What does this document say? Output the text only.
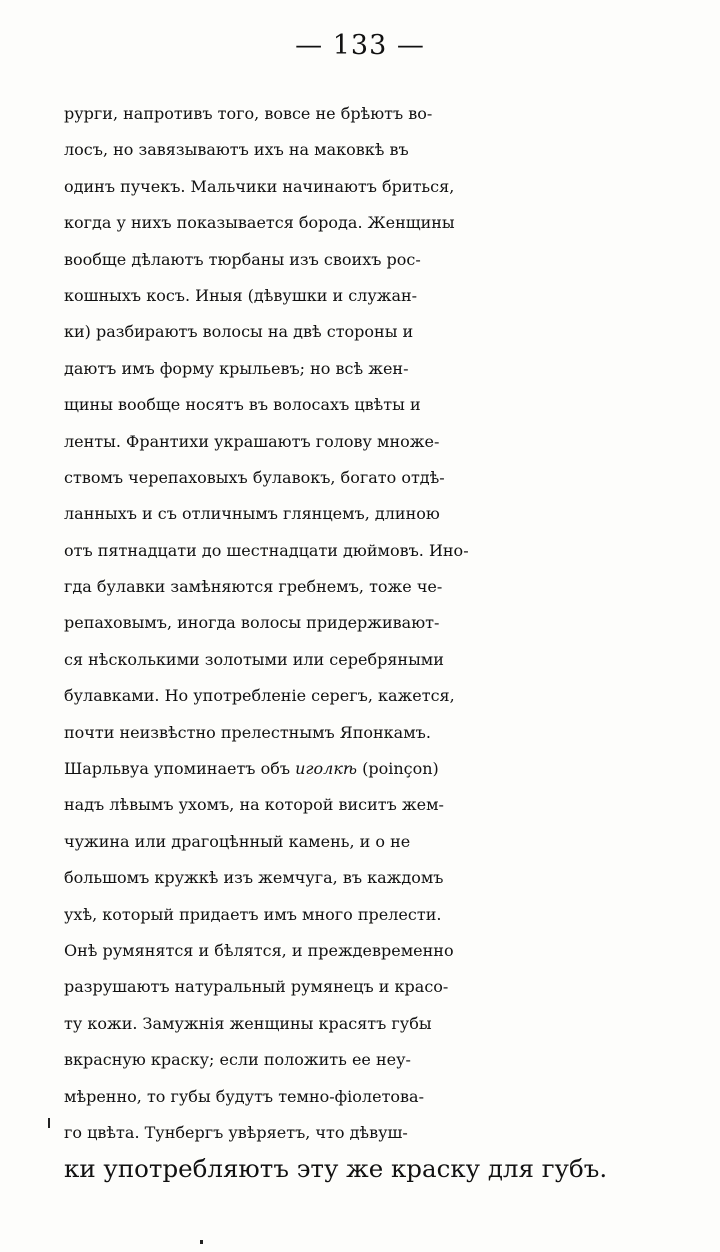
— 133 —
рурги, напротивъ того, вовсе не брѣютъ во-
лосъ, но завязываютъ ихъ на маковкѣ въ
одинъ пучекъ. Мальчики начинаютъ бриться,
когда у нихъ показывается борода. Женщины
вообще дѣлаютъ тюрбаны изъ своихъ рос-
кошныхъ косъ. Иныя (дѣвушки и служан-
ки) разбираютъ волосы на двѣ стороны и
даютъ имъ форму крыльевъ; но всѣ жен-
щины вообще носятъ въ волосахъ цвѣты и
ленты. Франтихи украшаютъ голову множе-
ствомъ черепаховыхъ булавокъ, богато отдѣ-
ланныхъ и съ отличнымъ глянцемъ, длиною
отъ пятнадцати до шестнадцати дюймовъ. Ино-
гда булавки замѣняются гребнемъ, тоже че-
репаховымъ, иногда волосы придерживают-
ся нѣсколькими золотыми или серебряными
булавками. Но употребленіе серегъ, кажется,
почти неизвѣстно прелестнымъ Японкамъ.
Шарльвуа упоминаетъ объ иголкѣ (poinçon)
надъ лѣвымъ ухомъ, на которой виситъ жем-
чужина или драгоцѣнный камень, и о не
большомъ кружкѣ изъ жемчуга, въ каждомъ
ухѣ, который придаетъ имъ много прелести.
Онѣ румянятся и бѣлятся, и преждевременно
разрушаютъ натуральный румянецъ и красо-
ту кожи. Замужнія женщины красятъ губы
вкрасную краску; если положить ее неу-
мѣренно, то губы будутъ темно-фіолетова-
го цвѣта. Тунбергъ увѣряетъ, что дѣвуш-
ки употребляютъ эту же краску для губъ.
